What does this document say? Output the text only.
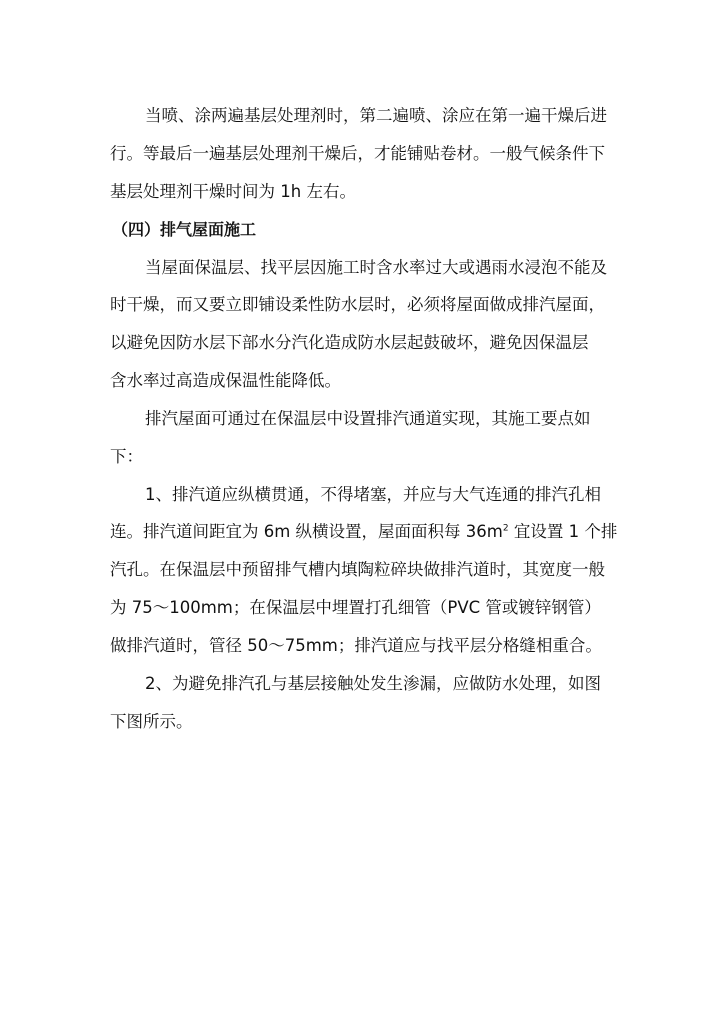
当喷、涂两遍基层处理剂时，第二遍喷、涂应在第一遍干燥后进
行。等最后一遍基层处理剂干燥后，才能铺贴卷材。一般气候条件下
基层处理剂干燥时间为 1h 左右。
（四）排气屋面施工
当屋面保温层、找平层因施工时含水率过大或遇雨水浸泡不能及
时干燥，而又要立即铺设柔性防水层时，必须将屋面做成排汽屋面，
以避免因防水层下部水分汽化造成防水层起鼓破坏，避免因保温层
含水率过高造成保温性能降低。
排汽屋面可通过在保温层中设置排汽通道实现，其施工要点如
下：
1、排汽道应纵横贯通，不得堵塞，并应与大气连通的排汽孔相
连。排汽道间距宜为 6m 纵横设置，屋面面积每 $36m^2$ 宜设置 1 个排
汽孔。在保温层中预留排气槽内填陶粒碎块做排汽道时，其宽度一般
为 75～100mm；在保温层中埋置打孔细管（PVC 管或镀锌钢管）
做排汽道时，管径 50～75mm；排汽道应与找平层分格缝相重合。
2、为避免排汽孔与基层接触处发生渗漏，应做防水处理，如图
下图所示。
